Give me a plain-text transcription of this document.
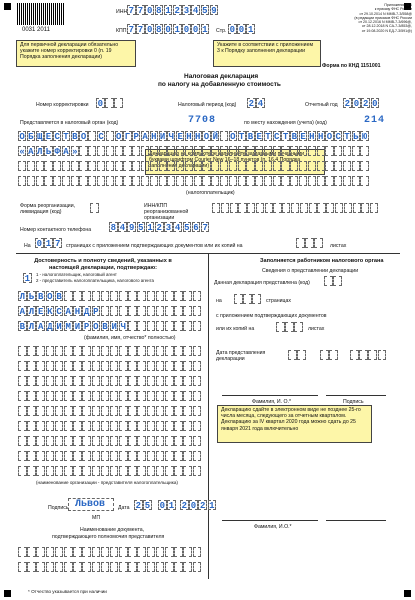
0031 2011
ИНН 7 7 0 8 1 2 3 4 5 9
КПП 7 7 0 8 0 1 0 0 1	Стр. 0 0 1
Приложение N 1
к приказу ФНС России
от 29.10.2014 N ММВ-7-3/558@
(в редакции приказов ФНС России
от 20.12.2016 N ММВ-7-3/696@,
от 28.12.2018 N СА-7-3/853@,
от 19.08.2020 N ЕД-7-3/591@)
Для первичной декларации обязательно укажите номер корректировки 0 (п. 19 Порядка заполнения декларации)
Укажите в соответствии с приложением 3 к Порядку заполнения декларации
Декларацию на компьютере заполняйте заглавными печатными буквами шрифтом Courier New 16–18 пунктов (п. 16.4 Порядка заполнения декларации)
Декларацию сдайте в электронном виде не позднее 25-го числа месяца, следующего за отчетным кварталом. Декларацию за IV квартал 2020 года можно сдать до 25 января 2021 года включительно
Форма по КНД 1151001
Налоговая декларация
по налогу на добавленную стоимость
Номер корректировки 0	Налоговый период (код) 2 4	Отчетный год 2 0 2 0
Представляется в налоговый орган (код)	7708	по месту нахождения (учета) (код)	214
О Б Щ Е С Т В О С О Г Р А Н И Ч Е Н Н О Й О Т В Е Т С Т В Е Н Н О С Т Ь Ю
« А Л Ь Ф А »
(налогоплательщик)
Форма реорганизации, ликвидация (код)
ИНН/КПП реорганизованной организации
Номер контактного телефона 8 4 9 5 1 2 3 4 5 6 7
На 0 1 7	страницах с приложением подтверждающих документов или их копий на	листах
Достоверность и полноту сведений, указанных в настоящей декларации, подтверждаю:
1	1 - налогоплательщик, налоговый агент
2 - представитель налогоплательщика, налогового агента
Л Ь В О В
А Л Е К С А Н Д Р
В Л А Д И М И Р О В И Ч
(фамилия, имя, отчество* полностью)
(наименование организации - представителя налогоплательщика)
Подпись Львов Дата 2 5 0 1 2 0 2 1
МП
Наименование документа,
подтверждающего полномочия представителя
* Отчество указывается при наличии
Заполняется работником налогового органа
Сведения о представлении декларации
Данная декларация представлена (код)
на	страницах
с приложением подтверждающих документов
или их копий на	листах
Дата представления декларации
Фамилия, И. О.*	Подпись
Фамилия, И.О.*
